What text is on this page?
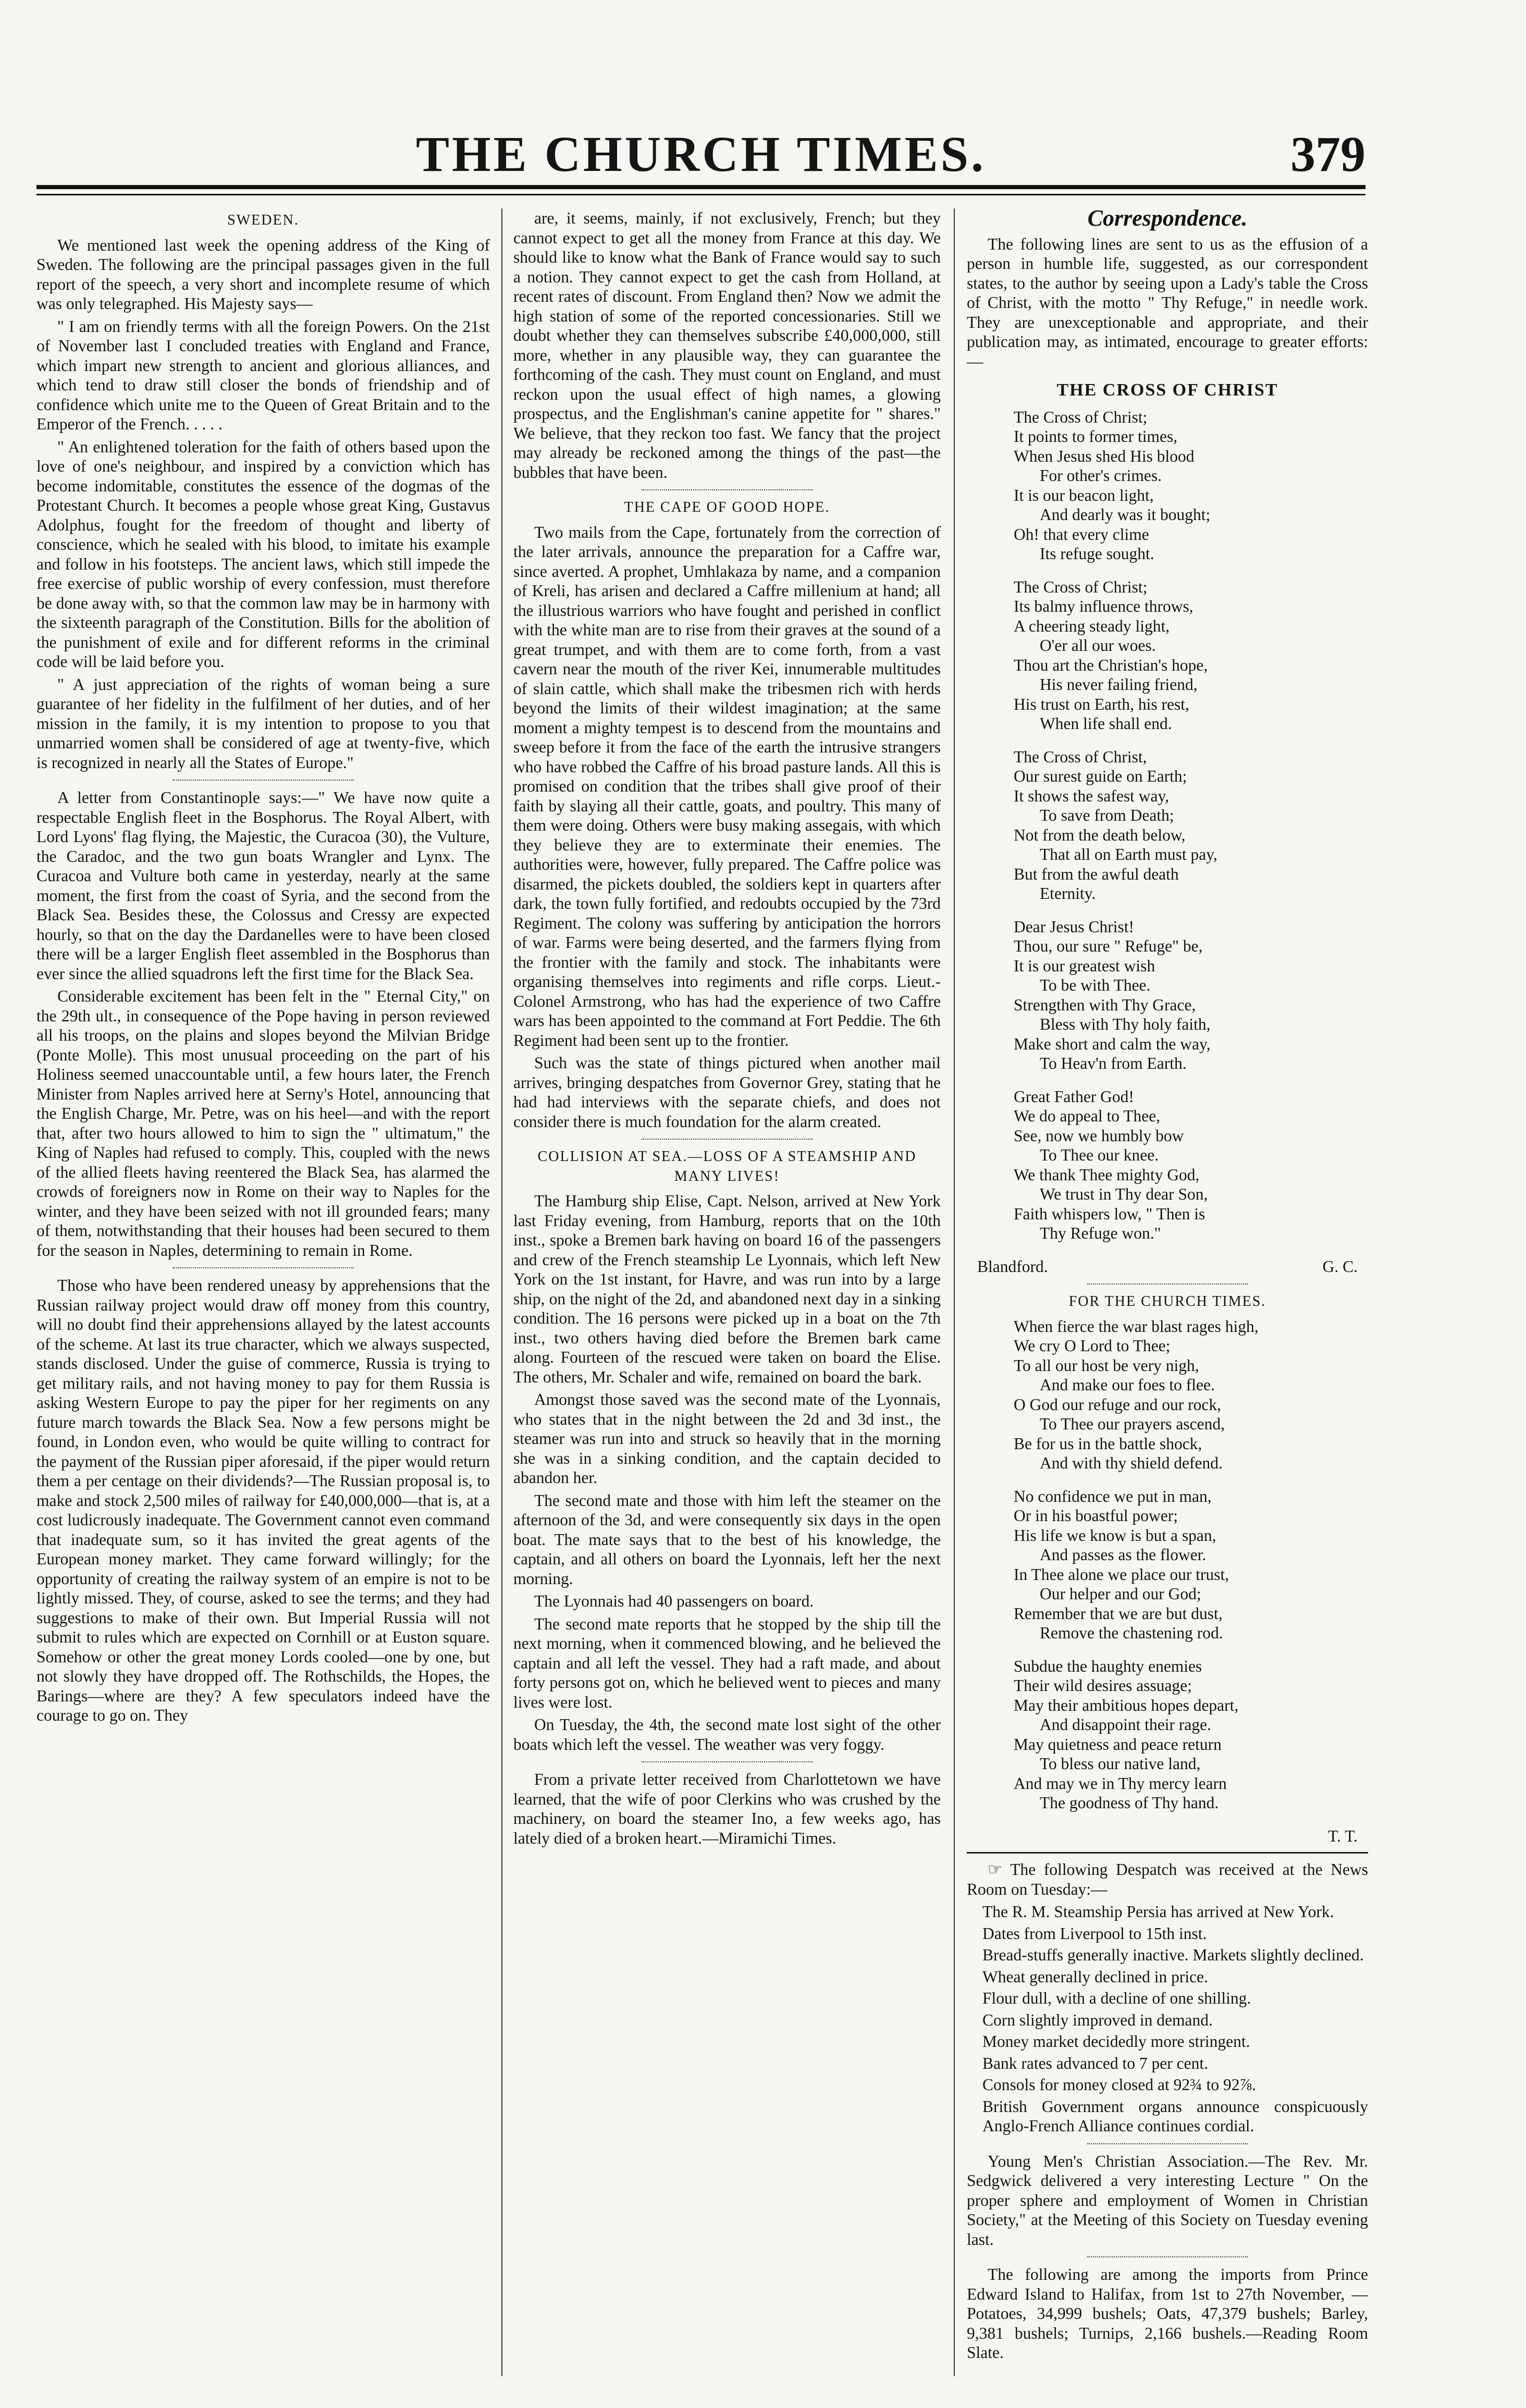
THE CHURCH TIMES.	379
SWEDEN.

We mentioned last week the opening address of the King of Sweden. The following are the principal passages given in the full report of the speech, a very short and incomplete resume of which was only telegraphed. His Majesty says—

" I am on friendly terms with all the foreign Powers. On the 21st of November last I concluded treaties with England and France, which impart new strength to ancient and glorious alliances, and which tend to draw still closer the bonds of friendship and of confidence which unite me to the Queen of Great Britain and to the Emperor of the French. . . . .

" An enlightened toleration for the faith of others based upon the love of one's neighbour, and inspired by a conviction which has become indomitable, constitutes the essence of the dogmas of the Protestant Church. It becomes a people whose great King, Gustavus Adolphus, fought for the freedom of thought and liberty of conscience, which he sealed with his blood, to imitate his example and follow in his footsteps. The ancient laws, which still impede the free exercise of public worship of every confession, must therefore be done away with, so that the common law may be in harmony with the sixteenth paragraph of the Constitution. Bills for the abolition of the punishment of exile and for different reforms in the criminal code will be laid before you.

" A just appreciation of the rights of woman being a sure guarantee of her fidelity in the fulfilment of her duties, and of her mission in the family, it is my intention to propose to you that unmarried women shall be considered of age at twenty-five, which is recognized in nearly all the States of Europe."

A letter from Constantinople says:—" We have now quite a respectable English fleet in the Bosphorus. The Royal Albert, with Lord Lyons' flag flying, the Majestic, the Curacoa (30), the Vulture, the Caradoc, and the two gun boats Wrangler and Lynx. The Curacoa and Vulture both came in yesterday, nearly at the same moment, the first from the coast of Syria, and the second from the Black Sea. Besides these, the Colossus and Cressy are expected hourly, so that on the day the Dardanelles were to have been closed there will be a larger English fleet assembled in the Bosphorus than ever since the allied squadrons left the first time for the Black Sea.

Considerable excitement has been felt in the " Eternal City," on the 29th ult., in consequence of the Pope having in person reviewed all his troops, on the plains and slopes beyond the Milvian Bridge (Ponte Molle). This most unusual proceeding on the part of his Holiness seemed unaccountable until, a few hours later, the French Minister from Naples arrived here at Serny's Hotel, announcing that the English Charge, Mr. Petre, was on his heel—and with the report that, after two hours allowed to him to sign the " ultimatum," the King of Naples had refused to comply. This, coupled with the news of the allied fleets having reentered the Black Sea, has alarmed the crowds of foreigners now in Rome on their way to Naples for the winter, and they have been seized with not ill grounded fears; many of them, notwithstanding that their houses had been secured to them for the season in Naples, determining to remain in Rome.

Those who have been rendered uneasy by apprehensions that the Russian railway project would draw off money from this country, will no doubt find their apprehensions allayed by the latest accounts of the scheme. At last its true character, which we always suspected, stands disclosed. Under the guise of commerce, Russia is trying to get military rails, and not having money to pay for them Russia is asking Western Europe to pay the piper for her regiments on any future march towards the Black Sea. Now a few persons might be found, in London even, who would be quite willing to contract for the payment of the Russian piper aforesaid, if the piper would return them a per centage on their dividends?—The Russian proposal is, to make and stock 2,500 miles of railway for £40,000,000—that is, at a cost ludicrously inadequate. The Government cannot even command that inadequate sum, so it has invited the great agents of the European money market. They came forward willingly; for the opportunity of creating the railway system of an empire is not to be lightly missed. They, of course, asked to see the terms; and they had suggestions to make of their own. But Imperial Russia will not submit to rules which are expected on Cornhill or at Euston square. Somehow or other the great money Lords cooled—one by one, but not slowly they have dropped off. The Rothschilds, the Hopes, the Barings—where are they? A few speculators indeed have the courage to go on. They

are, it seems, mainly, if not exclusively, French; but they cannot expect to get all the money from France at this day. We should like to know what the Bank of France would say to such a notion. They cannot expect to get the cash from Holland, at recent rates of discount. From England then? Now we admit the high station of some of the reported concessionaries. Still we doubt whether they can themselves subscribe £40,000,000, still more, whether in any plausible way, they can guarantee the forthcoming of the cash. They must count on England, and must reckon upon the usual effect of high names, a glowing prospectus, and the Englishman's canine appetite for " shares." We believe, that they reckon too fast. We fancy that the project may already be reckoned among the things of the past—the bubbles that have been.

THE CAPE OF GOOD HOPE.

Two mails from the Cape, fortunately from the correction of the later arrivals, announce the preparation for a Caffre war, since averted. A prophet, Umhlakaza by name, and a companion of Kreli, has arisen and declared a Caffre millenium at hand; all the illustrious warriors who have fought and perished in conflict with the white man are to rise from their graves at the sound of a great trumpet, and with them are to come forth, from a vast cavern near the mouth of the river Kei, innumerable multitudes of slain cattle, which shall make the tribesmen rich with herds beyond the limits of their wildest imagination; at the same moment a mighty tempest is to descend from the mountains and sweep before it from the face of the earth the intrusive strangers who have robbed the Caffre of his broad pasture lands. All this is promised on condition that the tribes shall give proof of their faith by slaying all their cattle, goats, and poultry. This many of them were doing. Others were busy making assegais, with which they believe they are to exterminate their enemies. The authorities were, however, fully prepared. The Caffre police was disarmed, the pickets doubled, the soldiers kept in quarters after dark, the town fully fortified, and redoubts occupied by the 73rd Regiment. The colony was suffering by anticipation the horrors of war. Farms were being deserted, and the farmers flying from the frontier with the family and stock. The inhabitants were organising themselves into regiments and rifle corps. Lieut.-Colonel Armstrong, who has had the experience of two Caffre wars has been appointed to the command at Fort Peddie. The 6th Regiment had been sent up to the frontier.

Such was the state of things pictured when another mail arrives, bringing despatches from Governor Grey, stating that he had had interviews with the separate chiefs, and does not consider there is much foundation for the alarm created.

COLLISION AT SEA.—LOSS OF A STEAMSHIP AND MANY LIVES!

The Hamburg ship Elise, Capt. Nelson, arrived at New York last Friday evening, from Hamburg, reports that on the 10th inst., spoke a Bremen bark having on board 16 of the passengers and crew of the French steamship Le Lyonnais, which left New York on the 1st instant, for Havre, and was run into by a large ship, on the night of the 2d, and abandoned next day in a sinking condition. The 16 persons were picked up in a boat on the 7th inst., two others having died before the Bremen bark came along. Fourteen of the rescued were taken on board the Elise. The others, Mr. Schaler and wife, remained on board the bark.

Amongst those saved was the second mate of the Lyonnais, who states that in the night between the 2d and 3d inst., the steamer was run into and struck so heavily that in the morning she was in a sinking condition, and the captain decided to abandon her.

The second mate and those with him left the steamer on the afternoon of the 3d, and were consequently six days in the open boat. The mate says that to the best of his knowledge, the captain, and all others on board the Lyonnais, left her the next morning.

The Lyonnais had 40 passengers on board.

The second mate reports that he stopped by the ship till the next morning, when it commenced blowing, and he believed the captain and all left the vessel. They had a raft made, and about forty persons got on, which he believed went to pieces and many lives were lost.

On Tuesday, the 4th, the second mate lost sight of the other boats which left the vessel. The weather was very foggy.

From a private letter received from Charlottetown we have learned, that the wife of poor Clerkins who was crushed by the machinery, on board the steamer Ino, a few weeks ago, has lately died of a broken heart.—Miramichi Times.

Correspondence.

The following lines are sent to us as the effusion of a person in humble life, suggested, as our correspondent states, to the author by seeing upon a Lady's table the Cross of Christ, with the motto " Thy Refuge," in needle work. They are unexceptionable and appropriate, and their publication may, as intimated, encourage to greater efforts:—

THE CROSS OF CHRIST
The Cross of Christ;
It points to former times,
When Jesus shed His blood
For other's crimes.
It is our beacon light,
And dearly was it bought;
Oh! that every clime
Its refuge sought.
The Cross of Christ;
Its balmy influence throws,
A cheering steady light,
O'er all our woes.
Thou art the Christian's hope,
His never failing friend,
His trust on Earth, his rest,
When life shall end.
The Cross of Christ,
Our surest guide on Earth;
It shows the safest way,
To save from Death;
Not from the death below,
That all on Earth must pay,
But from the awful death
Eternity.
Dear Jesus Christ!
Thou, our sure " Refuge" be,
It is our greatest wish
To be with Thee.
Strengthen with Thy Grace,
Bless with Thy holy faith,
Make short and calm the way,
To Heav'n from Earth.
Great Father God!
We do appeal to Thee,
See, now we humbly bow
To Thee our knee.
We thank Thee mighty God,
We trust in Thy dear Son,
Faith whispers low, " Then is
Thy Refuge won."
Blandford.	G. C.
FOR THE CHURCH TIMES.
When fierce the war blast rages high,
We cry O Lord to Thee;
To all our host be very nigh,
And make our foes to flee.
O God our refuge and our rock,
To Thee our prayers ascend,
Be for us in the battle shock,
And with thy shield defend.
No confidence we put in man,
Or in his boastful power;
His life we know is but a span,
And passes as the flower.
In Thee alone we place our trust,
Our helper and our God;
Remember that we are but dust,
Remove the chastening rod.
Subdue the haughty enemies
Their wild desires assuage;
May their ambitious hopes depart,
And disappoint their rage.
May quietness and peace return
To bless our native land,
And may we in Thy mercy learn
The goodness of Thy hand.
T. T.

☞ The following Despatch was received at the News Room on Tuesday:—

The R. M. Steamship Persia has arrived at New York.

Dates from Liverpool to 15th inst.

Bread-stuffs generally inactive. Markets slightly declined.

Wheat generally declined in price.

Flour dull, with a decline of one shilling.

Corn slightly improved in demand.

Money market decidedly more stringent.

Bank rates advanced to 7 per cent.

Consols for money closed at 92¾ to 92⅞.

British Government organs announce conspicuously Anglo-French Alliance continues cordial.

Young Men's Christian Association.—The Rev. Mr. Sedgwick delivered a very interesting Lecture " On the proper sphere and employment of Women in Christian Society," at the Meeting of this Society on Tuesday evening last.

The following are among the imports from Prince Edward Island to Halifax, from 1st to 27th November, —Potatoes, 34,999 bushels; Oats, 47,379 bushels; Barley, 9,381 bushels; Turnips, 2,166 bushels.—Reading Room Slate.
